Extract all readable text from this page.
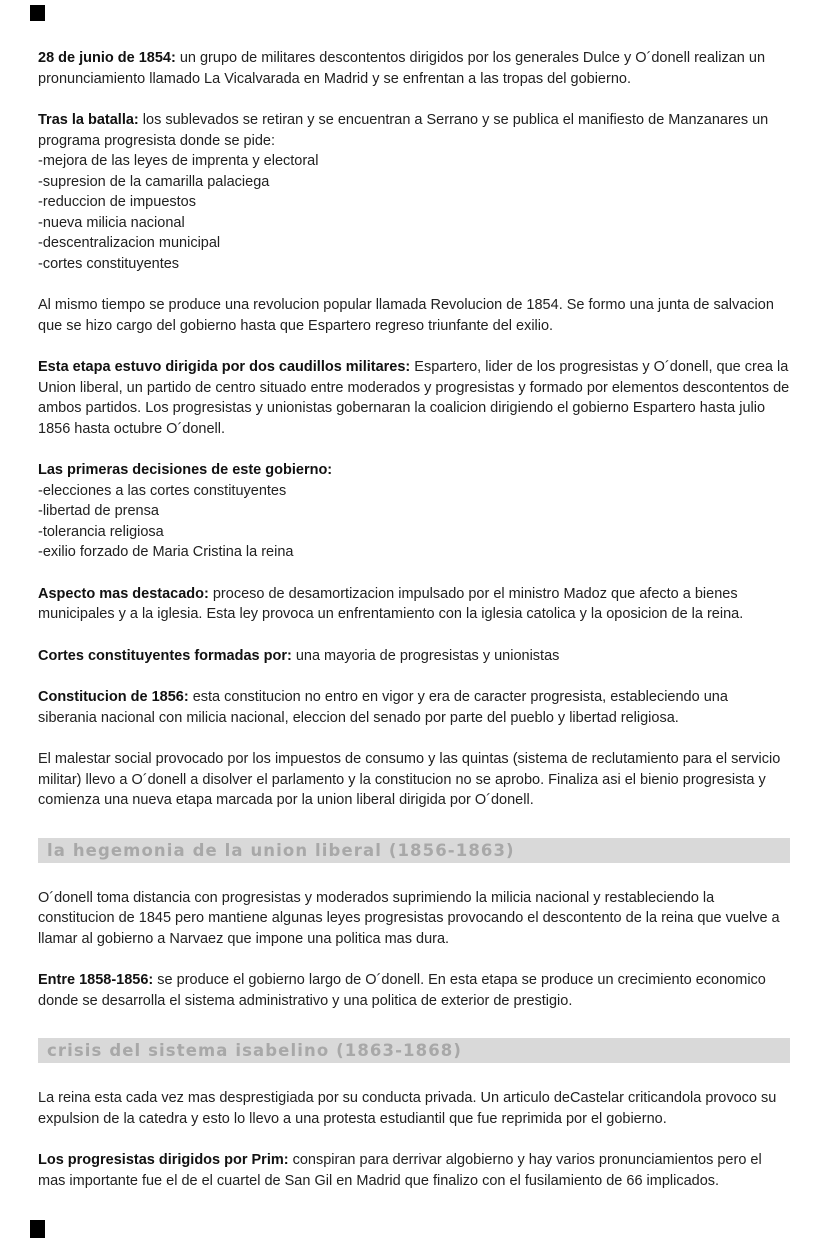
28 de junio de 1854: un grupo de militares descontentos dirigidos por los generales Dulce y O´donell realizan un pronunciamiento llamado La Vicalvarada en Madrid y se enfrentan a las tropas del gobierno.

Tras la batalla: los sublevados se retiran y se encuentran a Serrano y se publica el manifiesto de Manzanares un programa progresista donde se pide:

-mejora de las leyes de imprenta y electoral
-supresion de la camarilla palaciega
-reduccion de impuestos
-nueva milicia nacional
-descentralizacion municipal
-cortes constituyentes

Al mismo tiempo se produce una revolucion popular llamada Revolucion de 1854. Se formo una junta de salvacion que se hizo cargo del gobierno hasta que Espartero regreso triunfante del exilio.

Esta etapa estuvo dirigida por dos caudillos militares: Espartero, lider de los progresistas y O´donell, que crea la Union liberal, un partido de centro situado entre moderados y progresistas y formado por elementos descontentos de ambos partidos. Los progresistas y unionistas gobernaran la coalicion dirigiendo el gobierno Espartero hasta julio 1856 hasta octubre O´donell.

Las primeras decisiones de este gobierno:

-elecciones a las cortes constituyentes
-libertad de prensa
-tolerancia religiosa
-exilio forzado de Maria Cristina la reina

Aspecto mas destacado: proceso de desamortizacion impulsado por el ministro Madoz que afecto a bienes municipales y a la iglesia. Esta ley provoca un enfrentamiento con la iglesia catolica y la oposicion de la reina.

Cortes constituyentes formadas por: una mayoria de progresistas y unionistas

Constitucion de 1856: esta constitucion no entro en vigor y era de caracter progresista, estableciendo una siberania nacional con milicia nacional, eleccion del senado por parte del pueblo y libertad religiosa.

El malestar social provocado por los impuestos de consumo y las quintas (sistema de reclutamiento para el servicio militar) llevo a O´donell a disolver el parlamento y la constitucion no se aprobo. Finaliza asi el bienio progresista y comienza una nueva etapa marcada por la union liberal dirigida por O´donell.

la hegemonia de la union liberal (1856-1863)

O´donell toma distancia con progresistas y moderados suprimiendo la milicia nacional y restableciendo la constitucion de 1845 pero mantiene algunas leyes progresistas provocando el descontento de la reina que vuelve a llamar al gobierno a Narvaez que impone una politica mas dura.

Entre 1858-1856: se produce el gobierno largo de O´donell. En esta etapa se produce un crecimiento economico donde se desarrolla el sistema administrativo y una politica de exterior de prestigio.

crisis del sistema isabelino (1863-1868)

La reina esta cada vez mas desprestigiada por su conducta privada. Un articulo deCastelar criticandola provoco su expulsion de la catedra y esto lo llevo a una protesta estudiantil que fue reprimida por el gobierno.

Los progresistas dirigidos por Prim: conspiran para derrivar algobierno y hay varios pronunciamientos pero el mas importante fue el de el cuartel de San Gil en Madrid que finalizo con el fusilamiento de 66 implicados.
